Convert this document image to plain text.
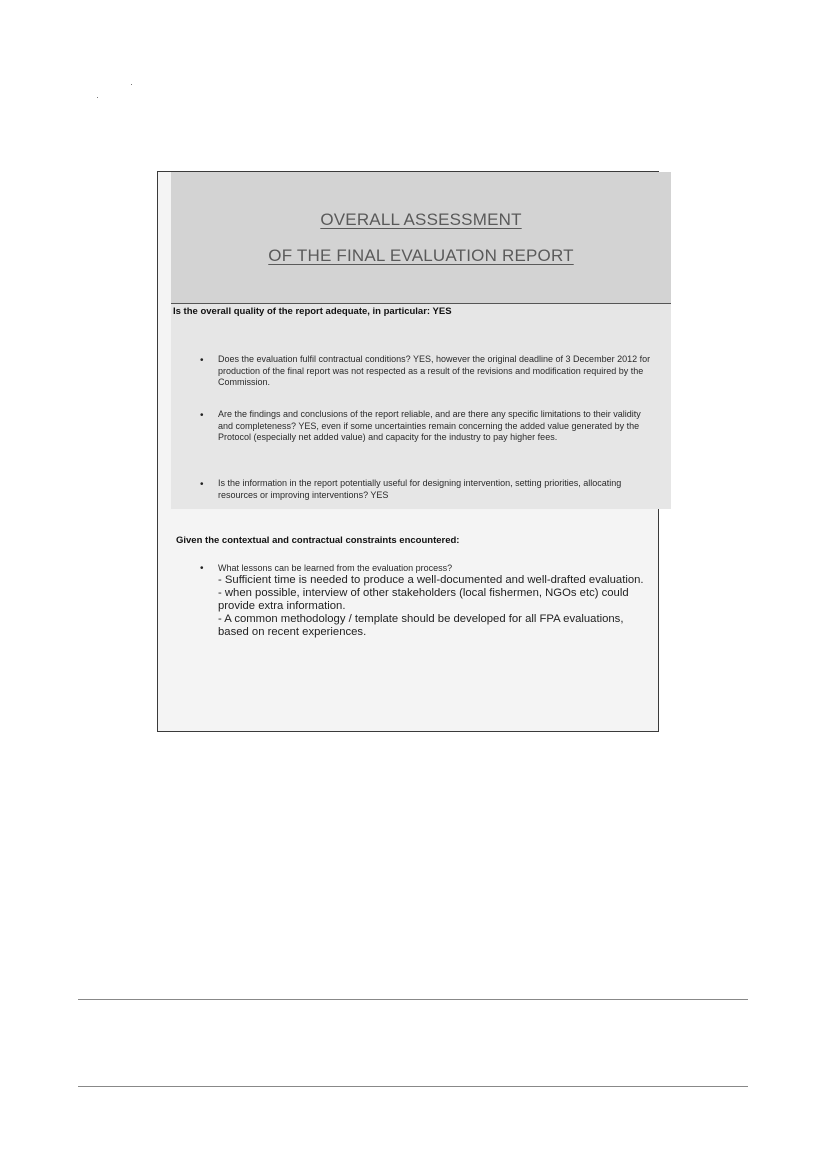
OVERALL ASSESSMENT
OF THE FINAL EVALUATION REPORT
Is the overall quality of the report adequate, in particular: YES
• Does the evaluation fulfil contractual conditions? YES, however the original deadline of 3 December 2012 for production of the final report was not respected as a result of the revisions and modification required by the Commission.
• Are the findings and conclusions of the report reliable, and are there any specific limitations to their validity and completeness? YES, even if some uncertainties remain concerning the added value generated by the Protocol (especially net added value) and capacity for the industry to pay higher fees.
• Is the information in the report potentially useful for designing intervention, setting priorities, allocating resources or improving interventions? YES
Given the contextual and contractual constraints encountered:
• What lessons can be learned from the evaluation process?
- Sufficient time is needed to produce a well-documented and well-drafted evaluation.
- when possible, interview of other stakeholders (local fishermen, NGOs etc) could provide extra information.
- A common methodology / template should be developed for all FPA evaluations, based on recent experiences.
